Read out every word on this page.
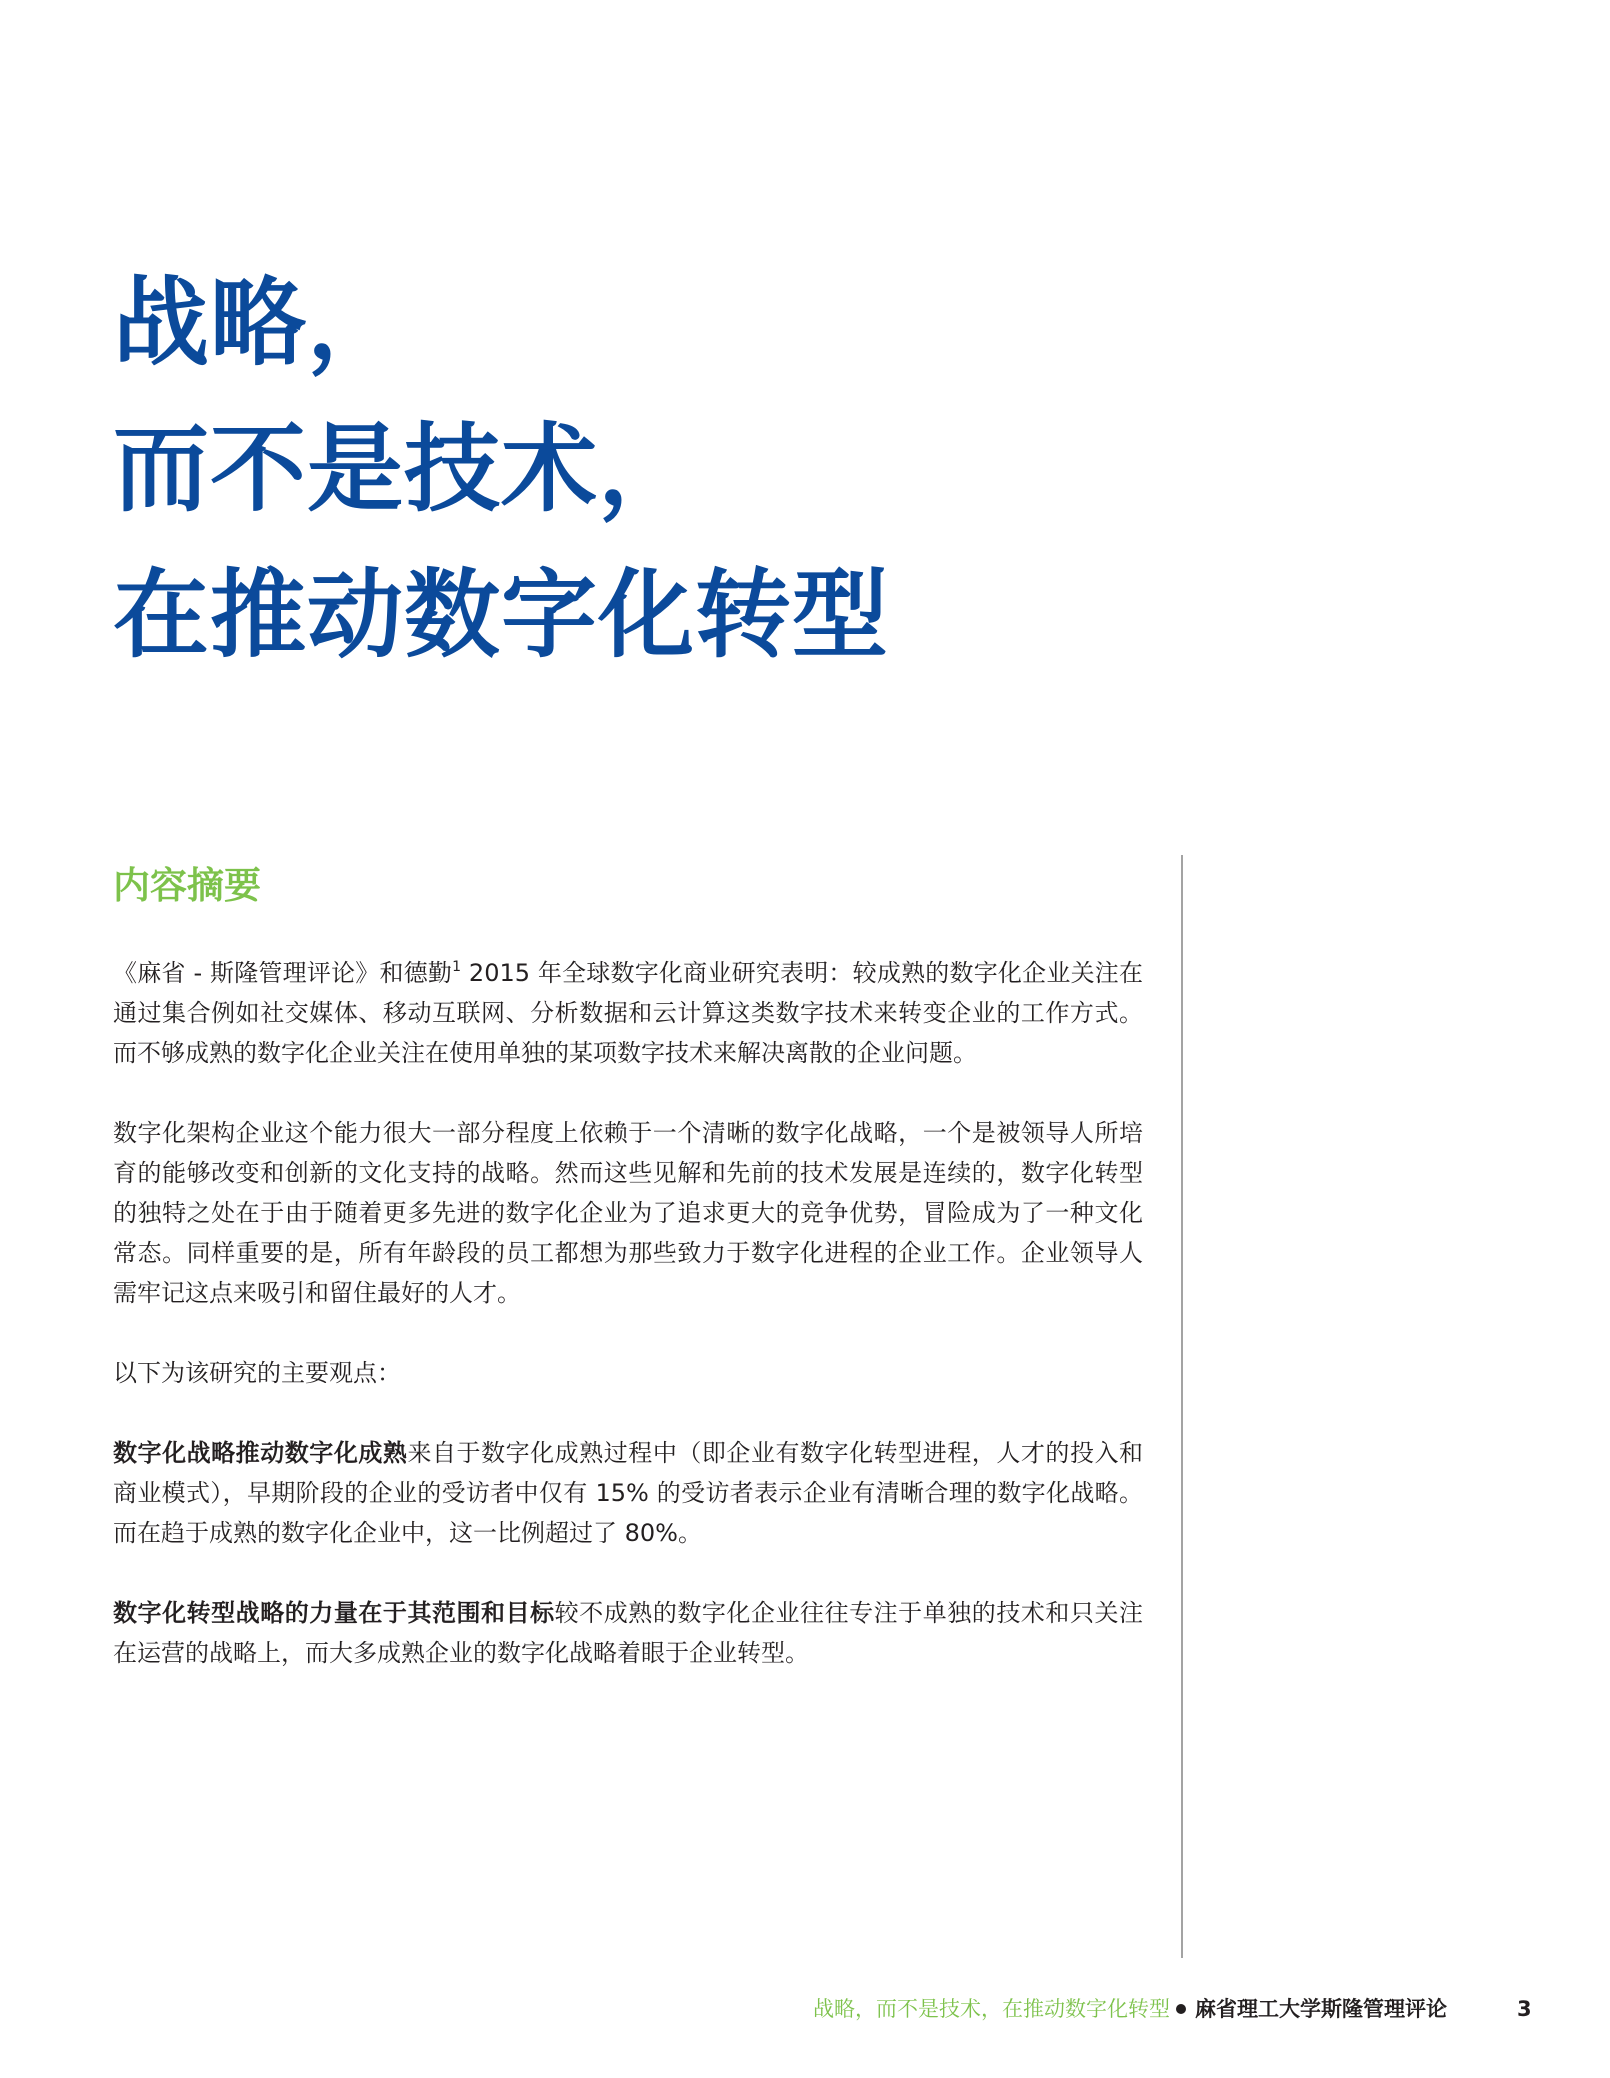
战略，
而不是技术，
在推动数字化转型
内容摘要

《麻省 - 斯隆管理评论》和德勤$^1$ 2015 年全球数字化商业研究表明：较成熟的数字化企业关注在通过集合例如社交媒体、移动互联网、分析数据和云计算这类数字技术来转变企业的工作方式。而不够成熟的数字化企业关注在使用单独的某项数字技术来解决离散的企业问题。

数字化架构企业这个能力很大一部分程度上依赖于一个清晰的数字化战略，一个是被领导人所培育的能够改变和创新的文化支持的战略。然而这些见解和先前的技术发展是连续的，数字化转型的独特之处在于由于随着更多先进的数字化企业为了追求更大的竞争优势，冒险成为了一种文化常态。同样重要的是，所有年龄段的员工都想为那些致力于数字化进程的企业工作。企业领导人需牢记这点来吸引和留住最好的人才。

以下为该研究的主要观点：

数字化战略推动数字化成熟来自于数字化成熟过程中（即企业有数字化转型进程，人才的投入和商业模式），早期阶段的企业的受访者中仅有 15% 的受访者表示企业有清晰合理的数字化战略。而在趋于成熟的数字化企业中，这一比例超过了 80%。

数字化转型战略的力量在于其范围和目标较不成熟的数字化企业往往专注于单独的技术和只关注在运营的战略上，而大多成熟企业的数字化战略着眼于企业转型。

战略，而不是技术，在推动数字化转型 麻省理工大学斯隆管理评论	3
